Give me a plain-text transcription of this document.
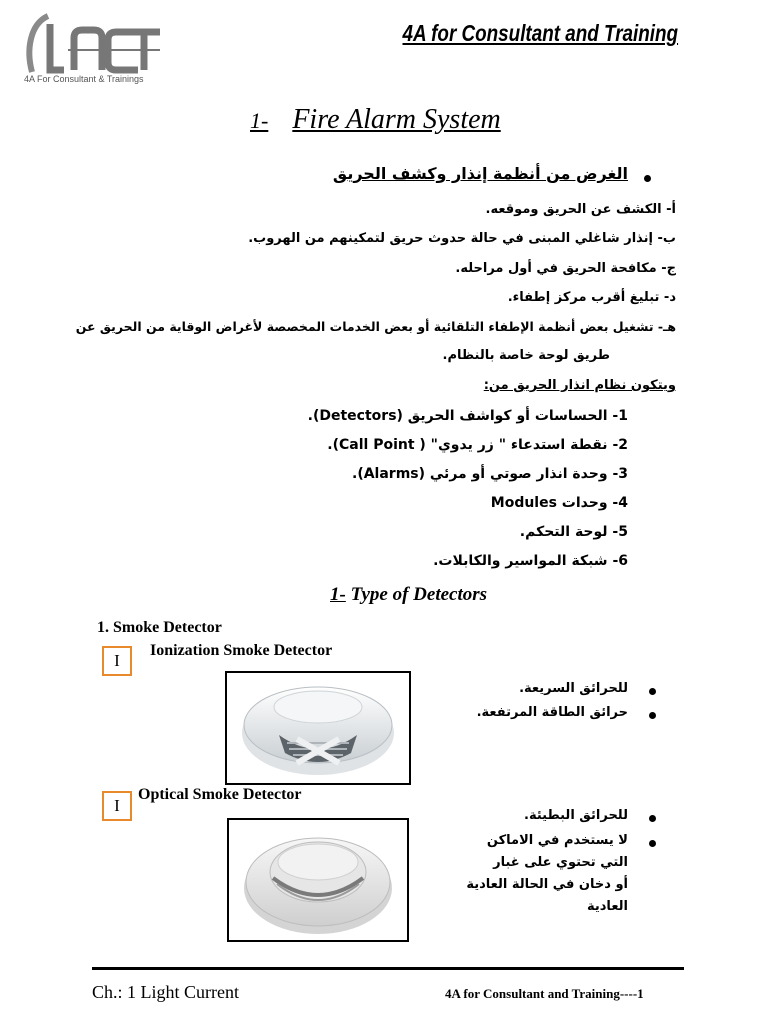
4A For Consultant & Trainings
4A for Consultant and Training
1- Fire Alarm System
الغرض من أنظمة إنذار وكشف الحريق
أ- الكشف عن الحريق وموقعه.
ب- إنذار شاغلي المبنى في حالة حدوث حريق لتمكينهم من الهروب.
ج- مكافحة الحريق في أول مراحله.
د- تبليغ أقرب مركز إطفاء.
هـ- تشغيل بعض أنظمة الإطفاء التلقائية أو بعض الخدمات المخصصة لأغراض الوقاية من الحريق عن
طريق لوحة خاصة بالنظام.
ويتكون نظام انذار الحريق من:
1- الحساسات أو كواشف الحريق (Detectors).
2- نقطة استدعاء " زر يدوي" ( Call Point).
3- وحدة انذار صوتي أو مرئي (Alarms).
4- وحدات Modules
5- لوحة التحكم.
6- شبكة المواسير والكابلات.
1- Type of Detectors
1. Smoke Detector
I
Ionization Smoke Detector
للحرائق السريعة.
حرائق الطاقة المرتفعة.
I
Optical Smoke Detector
للحرائق البطيئة.
لا يستخدم في الاماكن
التي تحتوي على غبار
أو دخان في الحالة العادية
العادية
Ch.: 1 Light Current	4A for Consultant and Training----1
